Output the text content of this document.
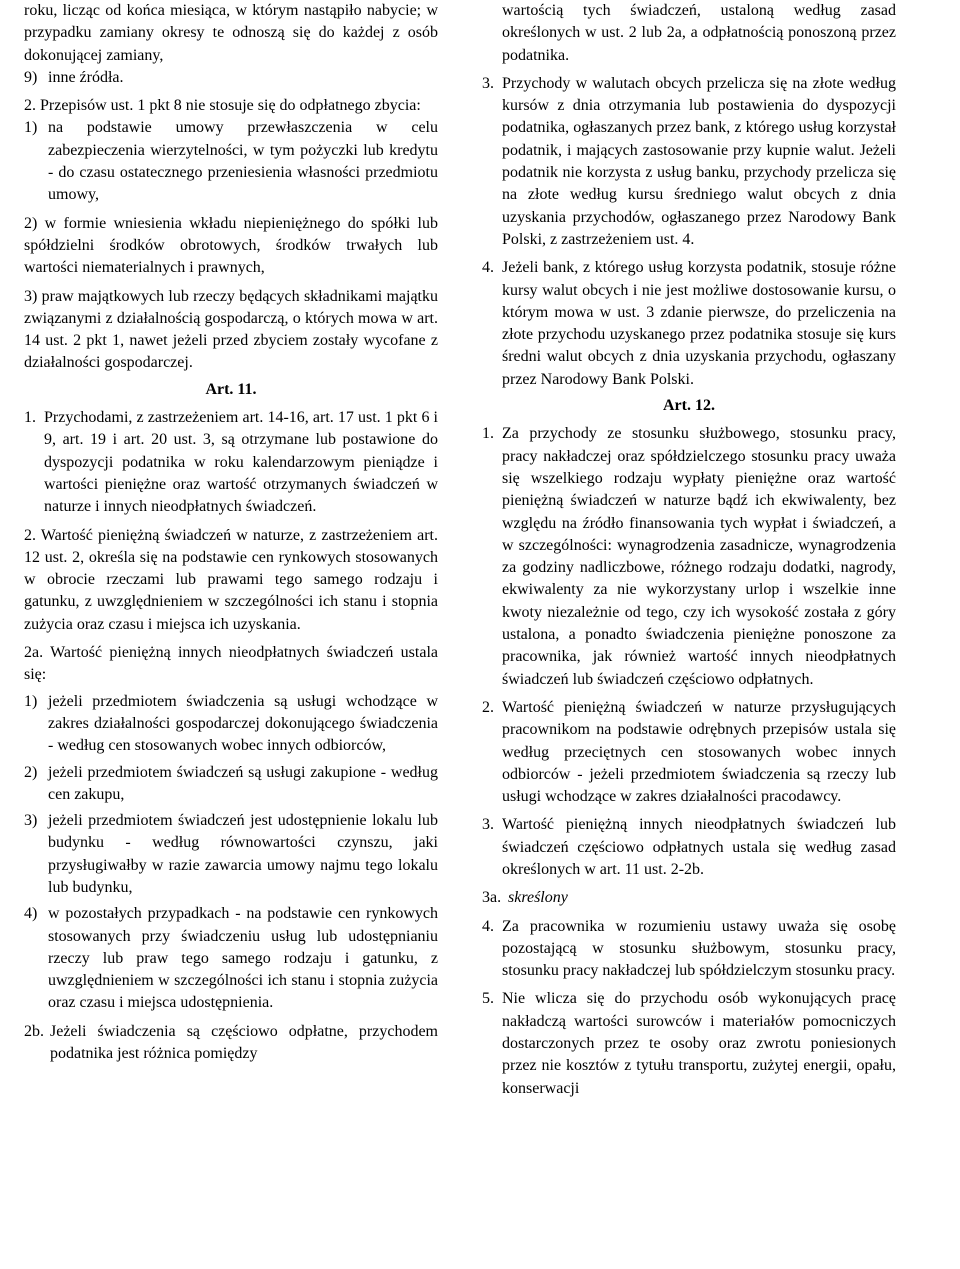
roku, licząc od końca miesiąca, w którym nastąpiło nabycie; w przypadku zamiany okresy te odnoszą się do każdej z osób dokonującej zamiany,

9) inne źródła.

2. Przepisów ust. 1 pkt 8 nie stosuje się do odpłatnego zbycia:

1) na podstawie umowy przewłaszczenia w celu zabezpieczenia wierzytelności, w tym pożyczki lub kredytu - do czasu ostatecznego przeniesienia własności przedmiotu umowy,

2) w formie wniesienia wkładu niepieniężnego do spółki lub spółdzielni środków obrotowych, środków trwałych lub wartości niematerialnych i prawnych,

3) praw majątkowych lub rzeczy będących składnikami majątku związanymi z działalnością gospodarczą, o których mowa w art. 14 ust. 2 pkt 1, nawet jeżeli przed zbyciem zostały wycofane z działalności gospodarczej.

Art. 11.
1. Przychodami, z zastrzeżeniem art. 14-16, art. 17 ust. 1 pkt 6 i 9, art. 19 i art. 20 ust. 3, są otrzymane lub postawione do dyspozycji podatnika w roku kalendarzowym pieniądze i wartości pieniężne oraz wartość otrzymanych świadczeń w naturze i innych nieodpłatnych świadczeń.

2. Wartość pieniężną świadczeń w naturze, z zastrzeżeniem art. 12 ust. 2, określa się na podstawie cen rynkowych stosowanych w obrocie rzeczami lub prawami tego samego rodzaju i gatunku, z uwzględnieniem w szczególności ich stanu i stopnia zużycia oraz czasu i miejsca ich uzyskania.

2a. Wartość pieniężną innych nieodpłatnych świadczeń ustala się:

1) jeżeli przedmiotem świadczenia są usługi wchodzące w zakres działalności gospodarczej dokonującego świadczenia - według cen stosowanych wobec innych odbiorców,
2) jeżeli przedmiotem świadczeń są usługi zakupione - według cen zakupu,
3) jeżeli przedmiotem świadczeń jest udostępnienie lokalu lub budynku - według równowartości czynszu, jaki przysługiwałby w razie zawarcia umowy najmu tego lokalu lub budynku,
4) w pozostałych przypadkach - na podstawie cen rynkowych stosowanych przy świadczeniu usług lub udostępnianiu rzeczy lub praw tego samego rodzaju i gatunku, z uwzględnieniem w szczególności ich stanu i stopnia zużycia oraz czasu i miejsca udostępnienia.
2b. Jeżeli świadczenia są częściowo odpłatne, przychodem podatnika jest różnica pomiędzy

wartością tych świadczeń, ustaloną według zasad określonych w ust. 2 lub 2a, a odpłatnością ponoszoną przez podatnika.

3. Przychody w walutach obcych przelicza się na złote według kursów z dnia otrzymania lub postawienia do dyspozycji podatnika, ogłaszanych przez bank, z którego usług korzystał podatnik, i mających zastosowanie przy kupnie walut. Jeżeli podatnik nie korzysta z usług banku, przychody przelicza się na złote według kursu średniego walut obcych z dnia uzyskania przychodów, ogłaszanego przez Narodowy Bank Polski, z zastrzeżeniem ust. 4.
4. Jeżeli bank, z którego usług korzysta podatnik, stosuje różne kursy walut obcych i nie jest możliwe dostosowanie kursu, o którym mowa w ust. 3 zdanie pierwsze, do przeliczenia na złote przychodu uzyskanego przez podatnika stosuje się kurs średni walut obcych z dnia uzyskania przychodu, ogłaszany przez Narodowy Bank Polski.
Art. 12.
1. Za przychody ze stosunku służbowego, stosunku pracy, pracy nakładczej oraz spółdzielczego stosunku pracy uważa się wszelkiego rodzaju wypłaty pieniężne oraz wartość pieniężną świadczeń w naturze bądź ich ekwiwalenty, bez względu na źródło finansowania tych wypłat i świadczeń, a w szczególności: wynagrodzenia zasadnicze, wynagrodzenia za godziny nadliczbowe, różnego rodzaju dodatki, nagrody, ekwiwalenty za nie wykorzystany urlop i wszelkie inne kwoty niezależnie od tego, czy ich wysokość została z góry ustalona, a ponadto świadczenia pieniężne ponoszone za pracownika, jak również wartość innych nieodpłatnych świadczeń lub świadczeń częściowo odpłatnych.
2. Wartość pieniężną świadczeń w naturze przysługujących pracownikom na podstawie odrębnych przepisów ustala się według przeciętnych cen stosowanych wobec innych odbiorców - jeżeli przedmiotem świadczenia są rzeczy lub usługi wchodzące w zakres działalności pracodawcy.
3. Wartość pieniężną innych nieodpłatnych świadczeń lub świadczeń częściowo odpłatnych ustala się według zasad określonych w art. 11 ust. 2-2b.
3a. skreślony
4. Za pracownika w rozumieniu ustawy uważa się osobę pozostającą w stosunku służbowym, stosunku pracy, stosunku pracy nakładczej lub spółdzielczym stosunku pracy.
5. Nie wlicza się do przychodu osób wykonujących pracę nakładczą wartości surowców i materiałów pomocniczych dostarczonych przez te osoby oraz zwrotu poniesionych przez nie kosztów z tytułu transportu, zużytej energii, opału, konserwacji
